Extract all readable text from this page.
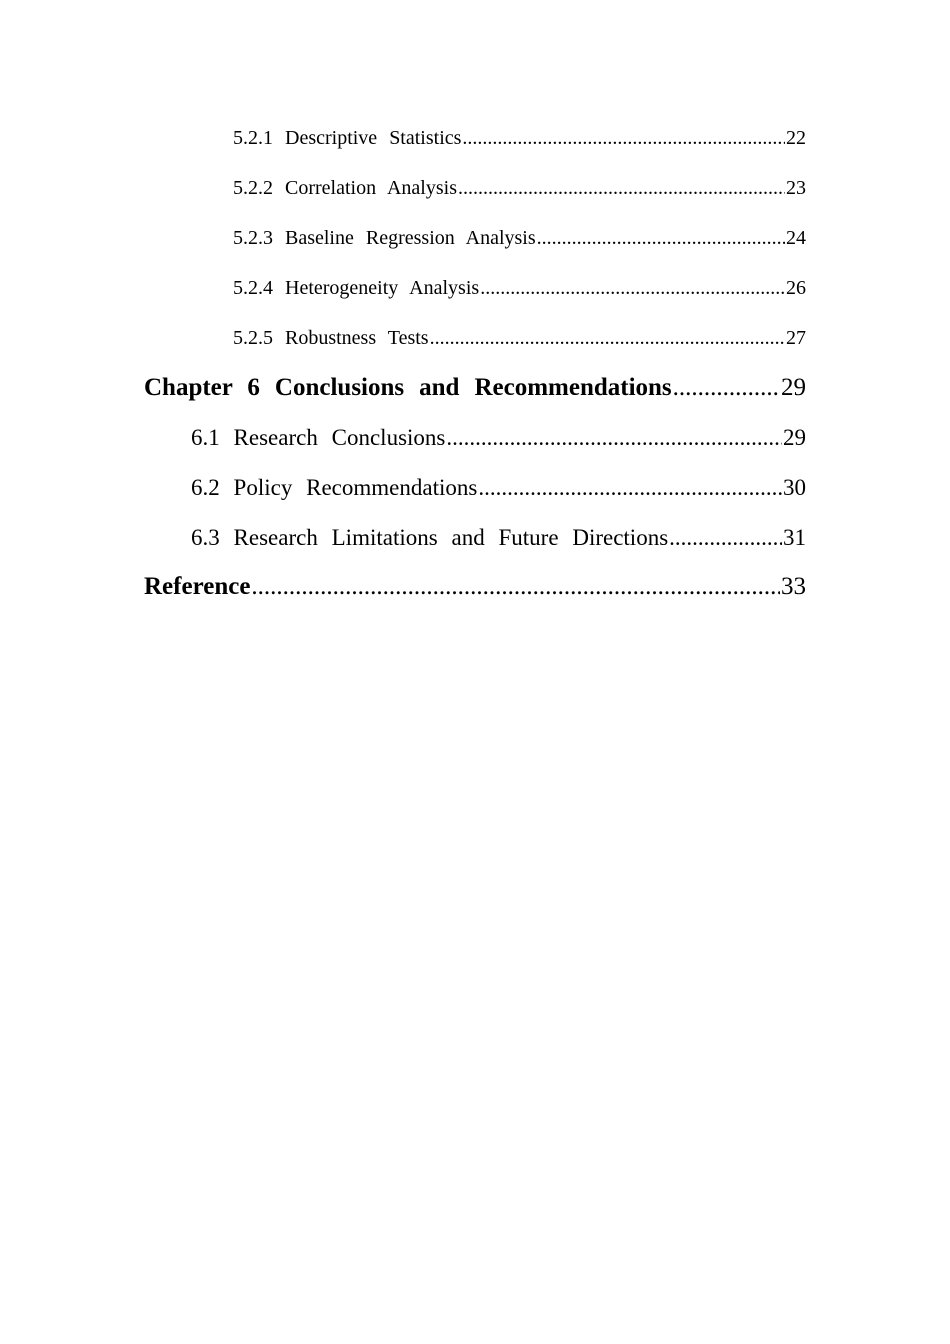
5.2.1 Descriptive Statistics .....	22
5.2.2 Correlation Analysis .....	23
5.2.3 Baseline Regression Analysis .....	24
5.2.4 Heterogeneity Analysis .....	26
5.2.5 Robustness Tests .....	27
Chapter 6 Conclusions and Recommendations .....	29
6.1 Research Conclusions .....	29
6.2 Policy Recommendations .....	30
6.3 Research Limitations and Future Directions .....	31
Reference .....	33
